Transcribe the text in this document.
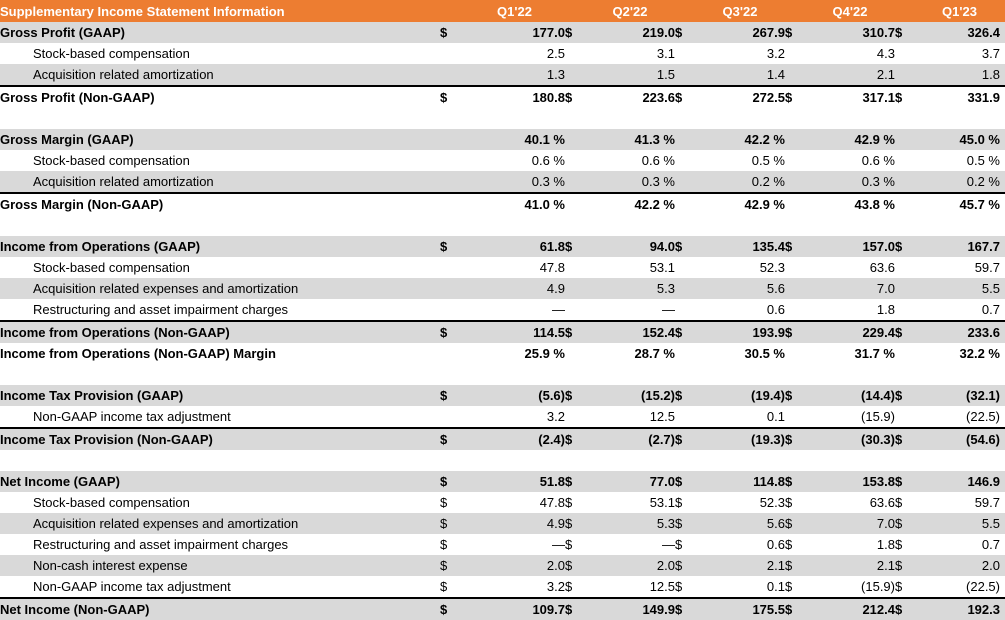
Supplementary Income Statement Information		Q1'22		Q2'22		Q3'22		Q4'22		Q1'23
Gross Profit (GAAP)	$	177.0	$	219.0	$	267.9	$	310.7	$	326.4
Stock-based compensation		2.5		3.1		3.2		4.3		3.7
Acquisition related amortization		1.3		1.5		1.4		2.1		1.8
Gross Profit (Non-GAAP)	$	180.8	$	223.6	$	272.5	$	317.1	$	331.9

Gross Margin (GAAP)		40.1 %		41.3 %		42.2 %		42.9 %		45.0 %
Stock-based compensation		0.6 %		0.6 %		0.5 %		0.6 %		0.5 %
Acquisition related amortization		0.3 %		0.3 %		0.2 %		0.3 %		0.2 %
Gross Margin (Non-GAAP)		41.0 %		42.2 %		42.9 %		43.8 %		45.7 %

Income from Operations (GAAP)	$	61.8	$	94.0	$	135.4	$	157.0	$	167.7
Stock-based compensation		47.8		53.1		52.3		63.6		59.7
Acquisition related expenses and amortization		4.9		5.3		5.6		7.0		5.5
Restructuring and asset impairment charges		—		—		0.6		1.8		0.7
Income from Operations (Non-GAAP)	$	114.5	$	152.4	$	193.9	$	229.4	$	233.6
Income from Operations (Non-GAAP) Margin		25.9 %		28.7 %		30.5 %		31.7 %		32.2 %

Income Tax Provision (GAAP)	$	(5.6)	$	(15.2)	$	(19.4)	$	(14.4)	$	(32.1)
Non-GAAP income tax adjustment		3.2		12.5		0.1		(15.9)		(22.5)
Income Tax Provision (Non-GAAP)	$	(2.4)	$	(2.7)	$	(19.3)	$	(30.3)	$	(54.6)

Net Income (GAAP)	$	51.8	$	77.0	$	114.8	$	153.8	$	146.9
Stock-based compensation	$	47.8	$	53.1	$	52.3	$	63.6	$	59.7
Acquisition related expenses and amortization	$	4.9	$	5.3	$	5.6	$	7.0	$	5.5
Restructuring and asset impairment charges	$	—	$	—	$	0.6	$	1.8	$	0.7
Non-cash interest expense	$	2.0	$	2.0	$	2.1	$	2.1	$	2.0
Non-GAAP income tax adjustment	$	3.2	$	12.5	$	0.1	$	(15.9)	$	(22.5)
Net Income (Non-GAAP)	$	109.7	$	149.9	$	175.5	$	212.4	$	192.3
